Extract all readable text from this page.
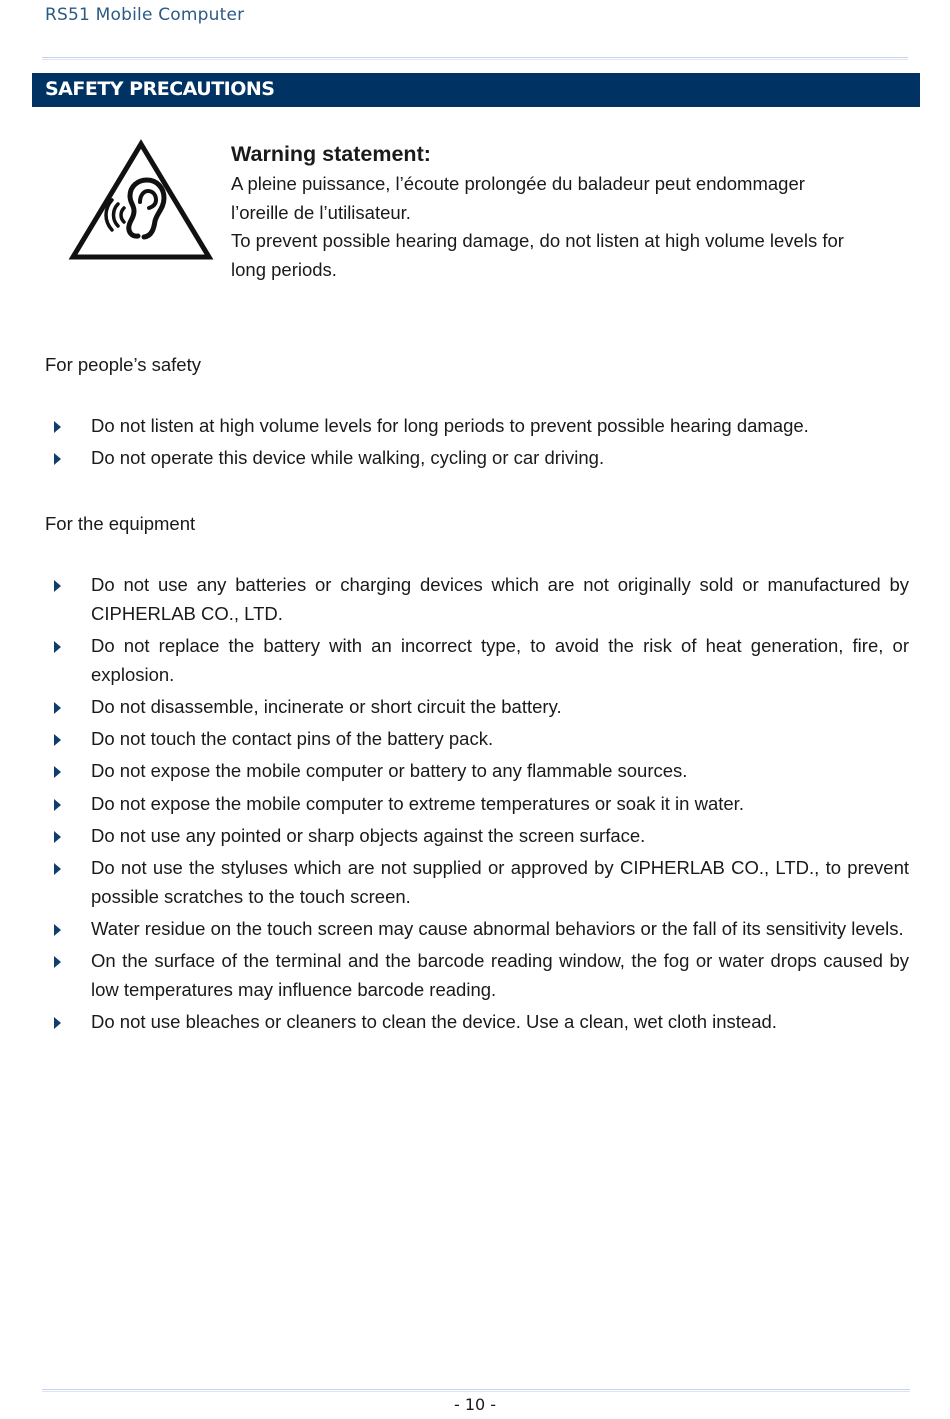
RS51 Mobile Computer
SAFETY PRECAUTIONS
Warning statement:
A pleine puissance, l’écoute prolongée du baladeur peut endommager
l’oreille de l’utilisateur.
To prevent possible hearing damage, do not listen at high volume levels for
long periods.
For people’s safety
Do not listen at high volume levels for long periods to prevent possible hearing damage.
Do not operate this device while walking, cycling or car driving.
For the equipment
Do not use any batteries or charging devices which are not originally sold or manufactured by CIPHERLAB CO., LTD.
Do not replace the battery with an incorrect type, to avoid the risk of heat generation, fire, or explosion.
Do not disassemble, incinerate or short circuit the battery.
Do not touch the contact pins of the battery pack.
Do not expose the mobile computer or battery to any flammable sources.
Do not expose the mobile computer to extreme temperatures or soak it in water.
Do not use any pointed or sharp objects against the screen surface.
Do not use the styluses which are not supplied or approved by CIPHERLAB CO., LTD., to prevent possible scratches to the touch screen.
Water residue on the touch screen may cause abnormal behaviors or the fall of its sensitivity levels.
On the surface of the terminal and the barcode reading window, the fog or water drops caused by low temperatures may influence barcode reading.
Do not use bleaches or cleaners to clean the device. Use a clean, wet cloth instead.
- 10 -
